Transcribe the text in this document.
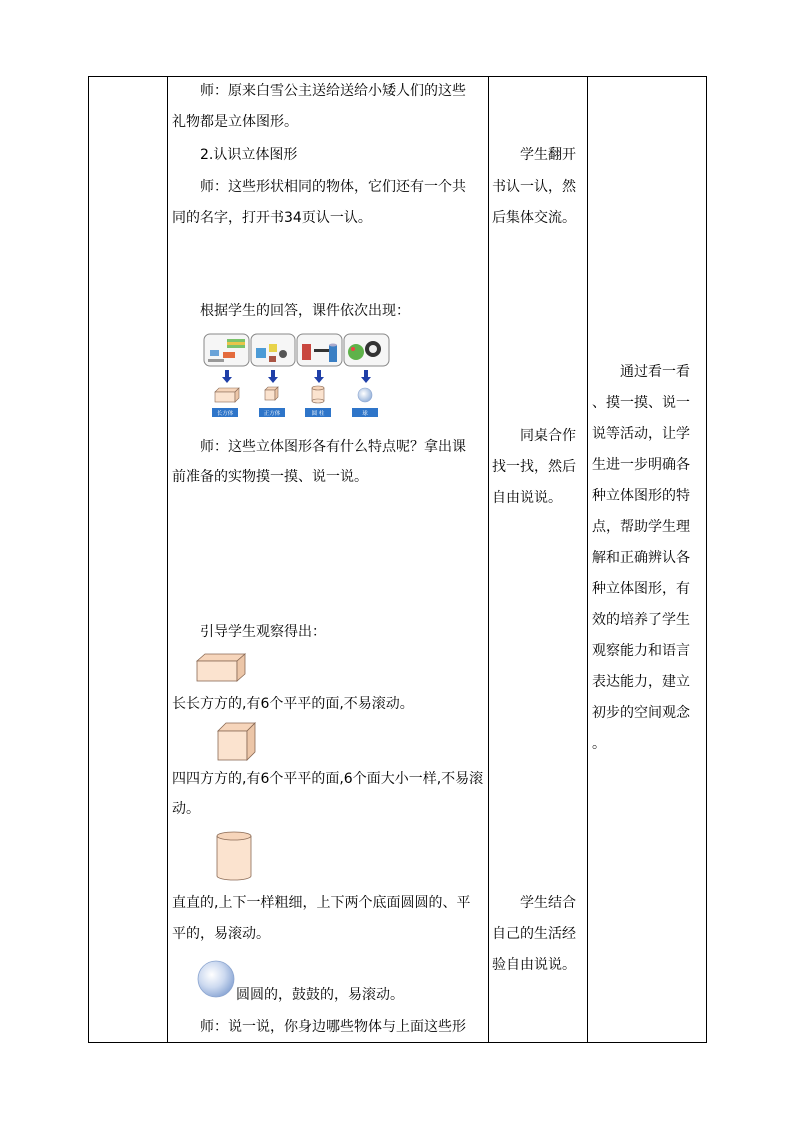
师：原来白雪公主送给送给小矮人们的这些
礼物都是立体图形。
2.认识立体图形
师：这些形状相同的物体，它们还有一个共
同的名字，打开书34页认一认。
根据学生的回答，课件依次出现：
长方体	正方体	圆 柱	球
师：这些立体图形各有什么特点呢？拿出课
前准备的实物摸一摸、说一说。
引导学生观察得出：
长长方方的,有6个平平的面,不易滚动。
四四方方的,有6个平平的面,6个面大小一样,不易滚
动。
直直的,上下一样粗细，上下两个底面圆圆的、平
平的，易滚动。
圆圆的，鼓鼓的，易滚动。
师：说一说，你身边哪些物体与上面这些形
学生翻开
书认一认，然
后集体交流。
同桌合作
找一找，然后
自由说说。
学生结合
自己的生活经
验自由说说。
通过看一看
、摸一摸、说一
说等活动，让学
生进一步明确各
种立体图形的特
点，帮助学生理
解和正确辨认各
种立体图形，有
效的培养了学生
观察能力和语言
表达能力，建立
初步的空间观念
。
